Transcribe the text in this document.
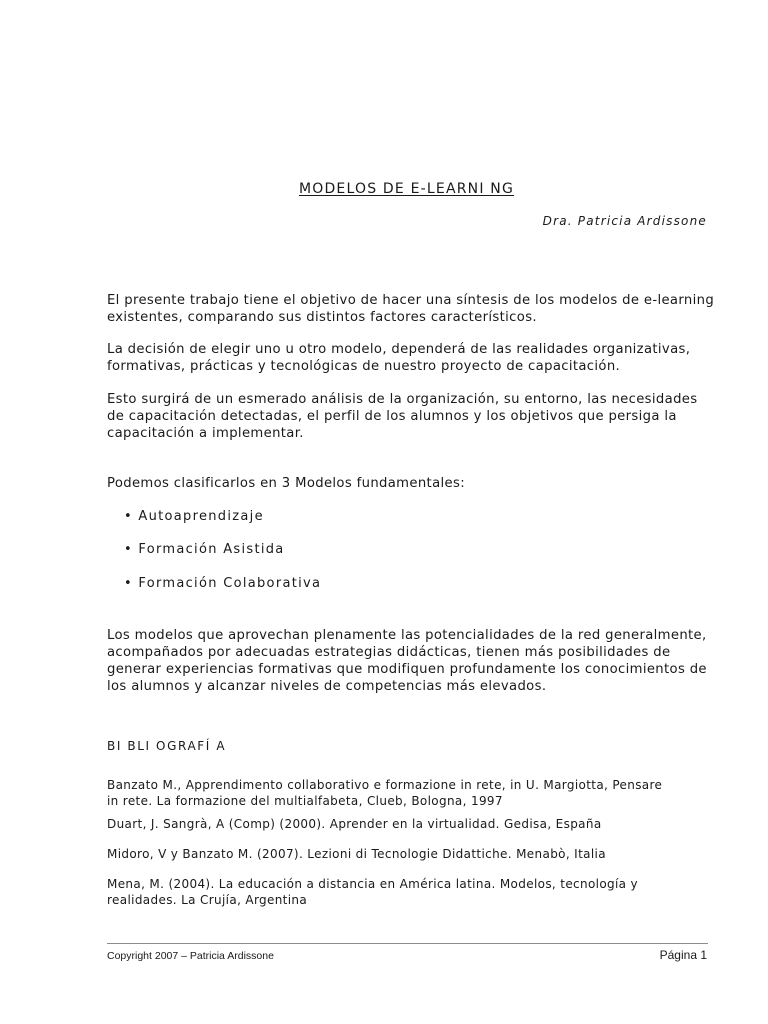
MODELOS DE E-LEARNI NG
Dra. Patricia Ardissone

El presente trabajo tiene el objetivo de hacer una síntesis de los modelos de e-learning existentes, comparando sus distintos factores característicos.

La decisión de elegir uno u otro modelo, dependerá de las realidades organizativas, formativas, prácticas y tecnológicas de nuestro proyecto de capacitación.

Esto surgirá de un esmerado análisis de la organización, su entorno, las necesidades de capacitación detectadas, el perfil de los alumnos y los objetivos que persiga la capacitación a implementar.

Podemos clasificarlos en 3 Modelos fundamentales:

• Autoaprendizaje
• Formación Asistida
• Formación Colaborativa

Los modelos que aprovechan plenamente las potencialidades de la red generalmente, acompañados por adecuadas estrategias didácticas, tienen más posibilidades de generar experiencias formativas que modifiquen profundamente los conocimientos de los alumnos y alcanzar niveles de competencias más elevados.

BI BLI OGRAFÍ A

Banzato M., Apprendimento collaborativo e formazione in rete, in U. Margiotta, Pensare in rete. La formazione del multialfabeta, Clueb, Bologna, 1997

Duart, J. Sangrà, A (Comp) (2000). Aprender en la virtualidad. Gedisa, España

Midoro, V y Banzato M. (2007). Lezioni di Tecnologie Didattiche. Menabò, Italia

Mena, M. (2004). La educación a distancia en América latina. Modelos, tecnología y realidades. La Crujía, Argentina

Copyright 2007 – Patricia Ardissone	Página 1
